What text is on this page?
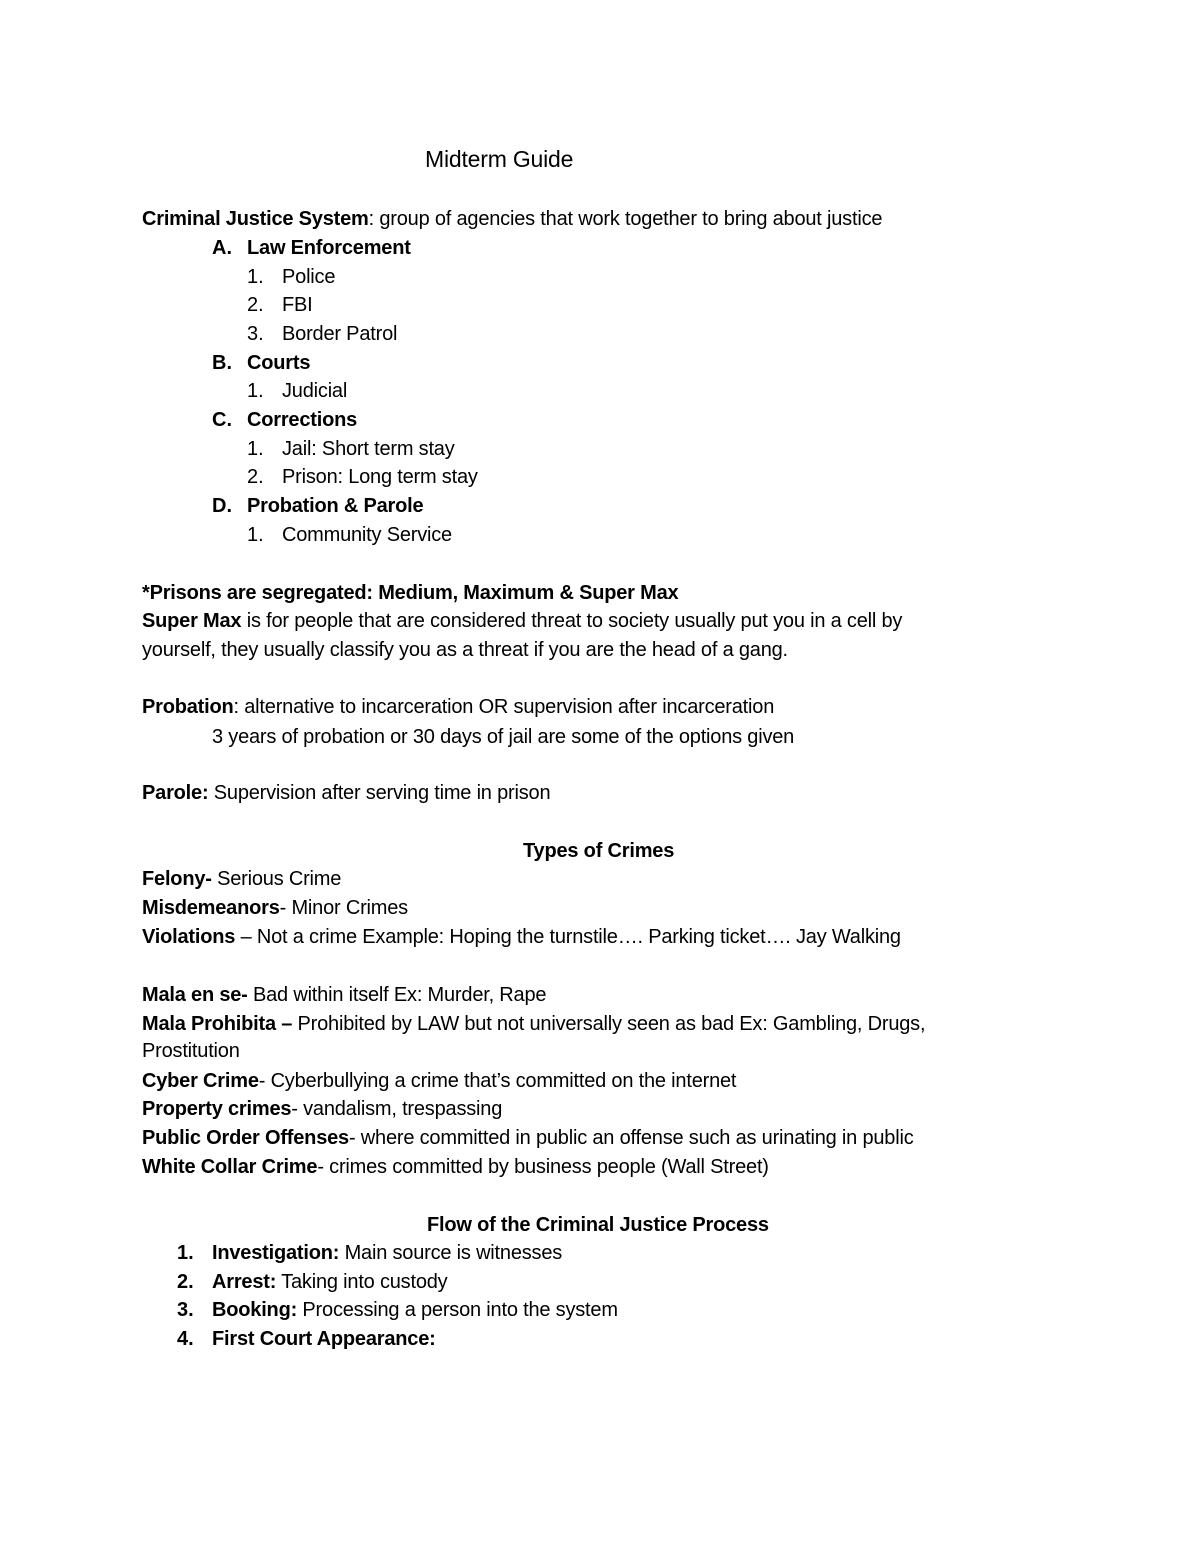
Midterm Guide
Criminal Justice System: group of agencies that work together to bring about justice
A. Law Enforcement
1. Police
2. FBI
3. Border Patrol
B. Courts
1. Judicial
C. Corrections
1. Jail: Short term stay
2. Prison: Long term stay
D. Probation & Parole
1. Community Service
*Prisons are segregated: Medium, Maximum & Super Max
Super Max is for people that are considered threat to society usually put you in a cell by
yourself, they usually classify you as a threat if you are the head of a gang.
Probation: alternative to incarceration OR supervision after incarceration
3 years of probation or 30 days of jail are some of the options given
Parole: Supervision after serving time in prison
Types of Crimes
Felony- Serious Crime
Misdemeanors- Minor Crimes
Violations – Not a crime Example: Hoping the turnstile…. Parking ticket…. Jay Walking
Mala en se- Bad within itself Ex: Murder, Rape
Mala Prohibita – Prohibited by LAW but not universally seen as bad Ex: Gambling, Drugs,
Prostitution
Cyber Crime- Cyberbullying a crime that’s committed on the internet
Property crimes- vandalism, trespassing
Public Order Offenses- where committed in public an offense such as urinating in public
White Collar Crime- crimes committed by business people (Wall Street)
Flow of the Criminal Justice Process
1. Investigation: Main source is witnesses
2. Arrest: Taking into custody
3. Booking: Processing a person into the system
4. First Court Appearance:
